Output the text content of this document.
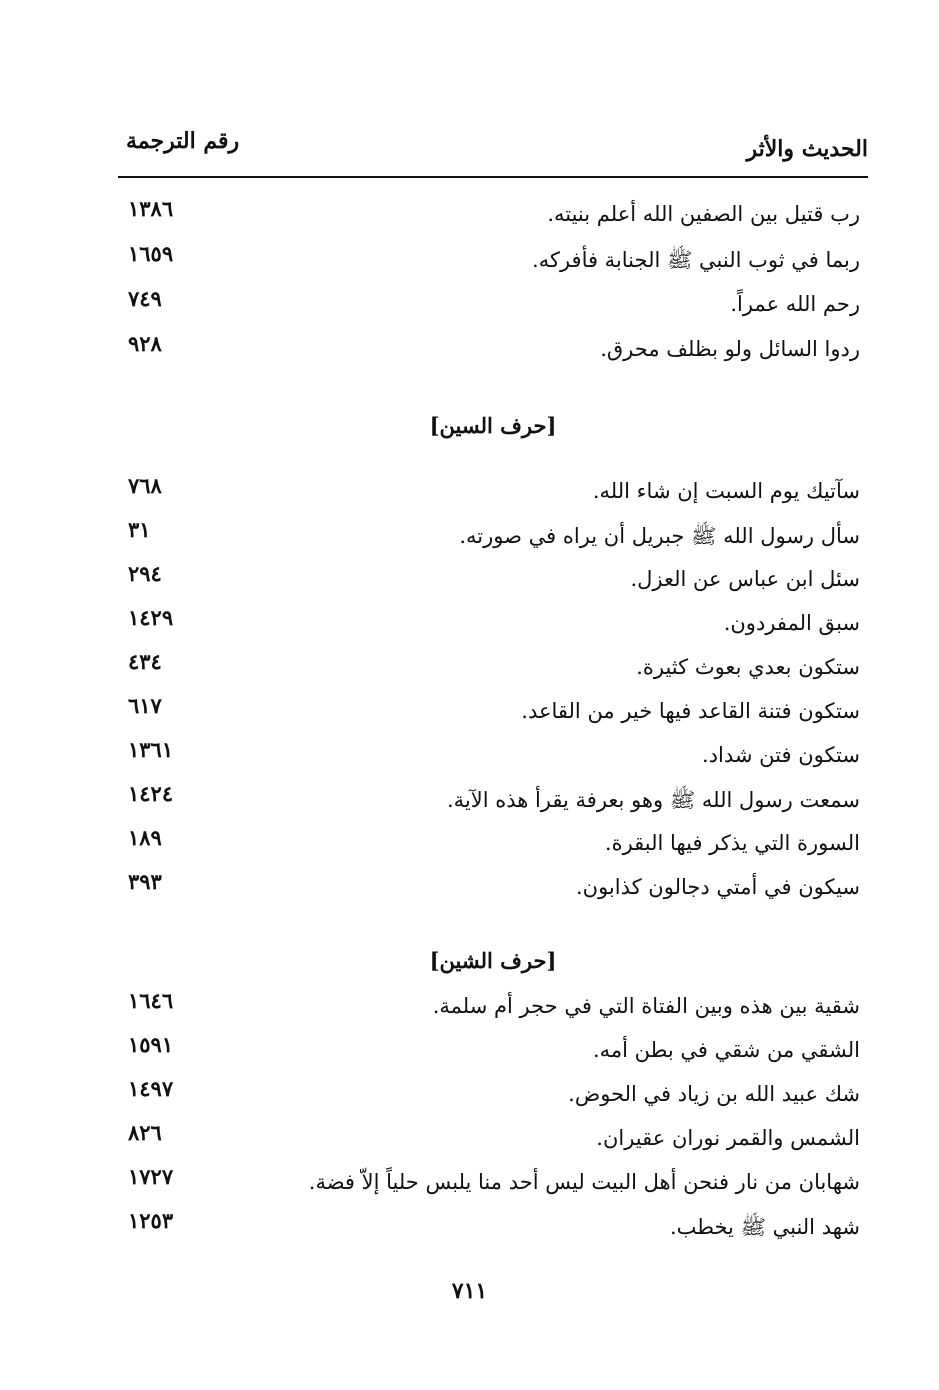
الحديث والأثر
رقم الترجمة
رب قتيل بين الصفين الله أعلم بنيته.
١٣٨٦
ربما في ثوب النبي ﷺ الجنابة فأفركه.
١٦٥٩
رحم الله عمراً.
٧٤٩
ردوا السائل ولو بظلف محرق.
٩٢٨
[حرف السين]
سآتيك يوم السبت إن شاء الله.
٧٦٨
سأل رسول الله ﷺ جبريل أن يراه في صورته.
٣١
سئل ابن عباس عن العزل.
٢٩٤
سبق المفردون.
١٤٢٩
ستكون بعدي بعوث كثيرة.
٤٣٤
ستكون فتنة القاعد فيها خير من القاعد.
٦١٧
ستكون فتن شداد.
١٣٦١
سمعت رسول الله ﷺ وهو بعرفة يقرأ هذه الآية.
١٤٢٤
السورة التي يذكر فيها البقرة.
١٨٩
سيكون في أمتي دجالون كذابون.
٣٩٣
[حرف الشين]
شقية بين هذه وبين الفتاة التي في حجر أم سلمة.
١٦٤٦
الشقي من شقي في بطن أمه.
١٥٩١
شك عبيد الله بن زياد في الحوض.
١٤٩٧
الشمس والقمر نوران عقيران.
٨٢٦
شهابان من نار فنحن أهل البيت ليس أحد منا يلبس حلياً إلاّ فضة.
١٧٢٧
شهد النبي ﷺ يخطب.
١٢٥٣
٧١١
